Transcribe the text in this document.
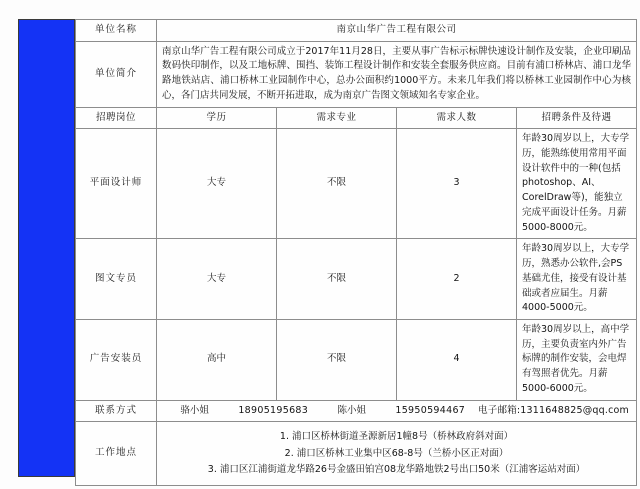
单位名称	南京山华广告工程有限公司			
单位简介	南京山华广告工程有限公司成立于2017年11月28日，主要从事广告标示标牌快速设计制作及安装，企业印刷品数码快印制作，以及工地标牌、围挡、装饰工程设计制作和安装全套服务供应商。目前有浦口桥林店、浦口龙华路地铁站店、浦口桥林工业园制作中心，总办公面积约1000平方。未来几年我们将以桥林工业园制作中心为核心，各门店共同发展，不断开拓进取，成为南京广告图文领域知名专家企业。			
招聘岗位	学历	需求专业	需求人数	招聘条件及待遇
平面设计师	大专	不限	3	年龄30周岁以上，大专学历，能熟练使用常用平面设计软件中的一种(包括photoshop、AI、CorelDraw等)，能独立完成平面设计任务。月薪5000-8000元。
图文专员	大专	不限	2	年龄30周岁以上，大专学历，熟悉办公软件,会PS基础尤佳，接受有设计基础或者应届生。月薪4000-5000元。
广告安装员	高中	不限	4	年龄30周岁以上，高中学历，主要负责室内外广告标牌的制作安装，会电焊有驾照者优先。月薪5000-6000元。
联系方式	骆小姐 18905195683 陈小姐 15950594467 电子邮箱:1311648825@qq.com			

工作地点	1. 浦口区桥林街道圣源新居1幢8号（桥林政府斜对面）
2. 浦口区桥林工业集中区68-8号（兰桥小区正对面）
3. 浦口区江浦街道龙华路26号金盛田铂宫08龙华路地铁2号出口50米（江浦客运站对面）			
